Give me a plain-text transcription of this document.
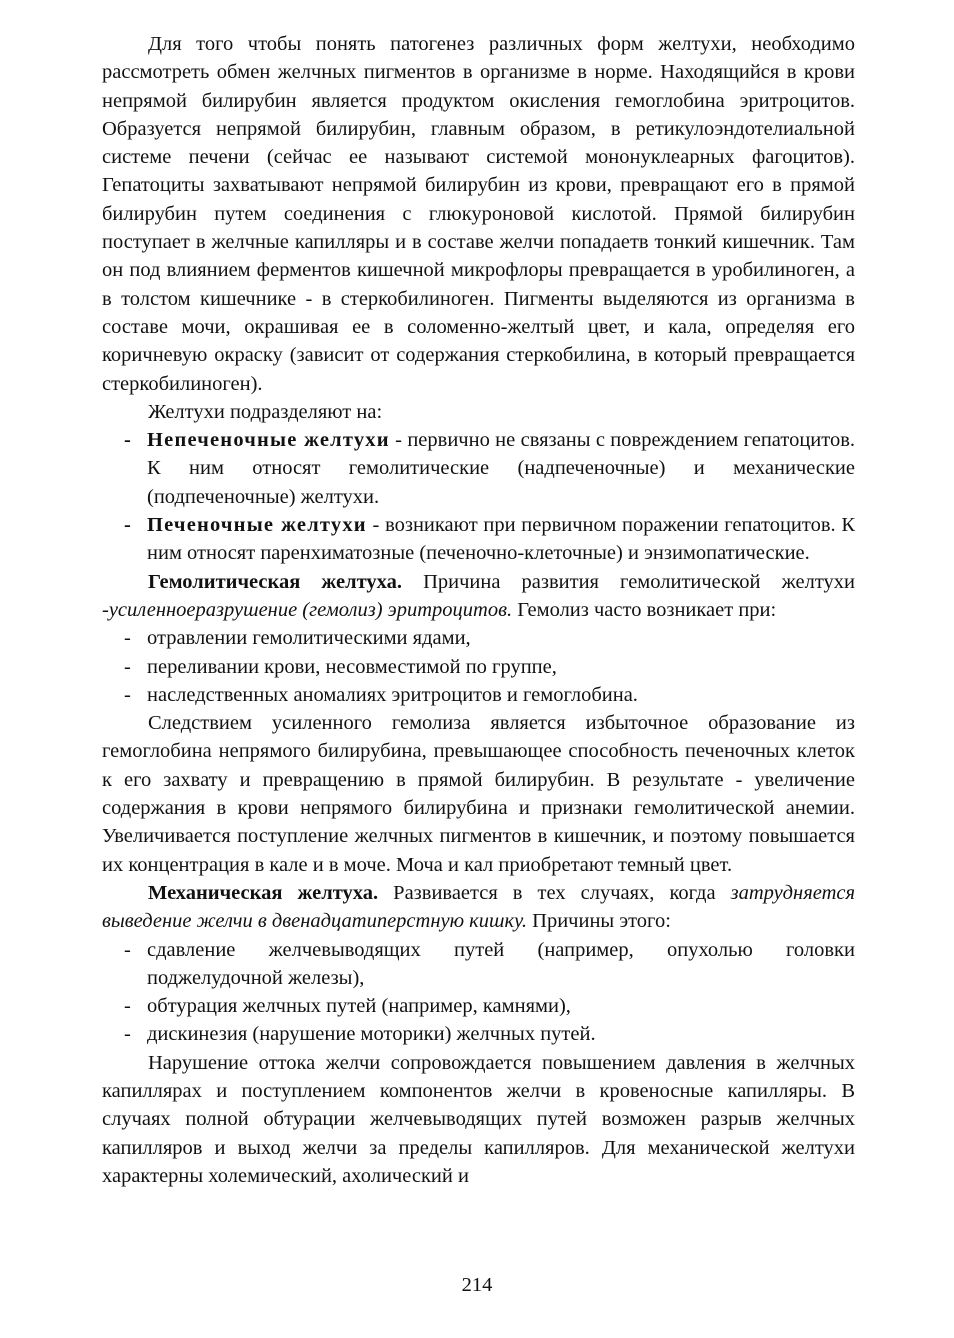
Для того чтобы понять патогенез различных форм желтухи, необходимо рассмотреть обмен желчных пигментов в организме в норме. Находящийся в крови непрямой билирубин является продуктом окисления гемоглобина эритроцитов. Образуется непрямой билирубин, главным образом, в ретикулоэндотелиальной системе печени (сейчас ее называют системой мононуклеарных фагоцитов). Гепатоциты захватывают непрямой билирубин из крови, превращают его в прямой билирубин путем соединения с глюкуроновой кислотой. Прямой билирубин поступает в желчные капилляры и в составе желчи попадаетв тонкий кишечник. Там он под влиянием ферментов кишечной микрофлоры превращается в уробилиноген, а в толстом кишечнике - в стеркобилиноген. Пигменты выделяются из организма в составе мочи, окрашивая ее в соломенно-желтый цвет, и кала, определяя его коричневую окраску (зависит от содержания стеркобилина, в который превращается стеркобилиноген).

Желтухи подразделяют на:

- Непеченочные желтухи - первично не связаны с повреждением гепатоцитов. К ним относят гемолитические (надпеченочные) и механические (подпеченочные) желтухи.
- Печеночные желтухи - возникают при первичном поражении гепатоцитов. К ним относят паренхиматозные (печеночно-клеточные) и энзимопатические.

Гемолитическая желтуха. Причина развития гемолитической желтухи -усиленноеразрушение (гемолиз) эритроцитов. Гемолиз часто возникает при:

- отравлении гемолитическими ядами,
- переливании крови, несовместимой по группе,
- наследственных аномалиях эритроцитов и гемоглобина.

Следствием усиленного гемолиза является избыточное образование из гемоглобина непрямого билирубина, превышающее способность печеночных клеток к его захвату и превращению в прямой билирубин. В результате - увеличение содержания в крови непрямого билирубина и признаки гемолитической анемии. Увеличивается поступление желчных пигментов в кишечник, и поэтому повышается их концентрация в кале и в моче. Моча и кал приобретают темный цвет.

Механическая желтуха. Развивается в тех случаях, когда затрудняется выведение желчи в двенадцатиперстную кишку. Причины этого:

- сдавление желчевыводящих путей (например, опухолью головки поджелудочной железы),
- обтурация желчных путей (например, камнями),
- дискинезия (нарушение моторики) желчных путей.

Нарушение оттока желчи сопровождается повышением давления в желчных капиллярах и поступлением компонентов желчи в кровеносные капилляры. В случаях полной обтурации желчевыводящих путей возможен разрыв желчных капилляров и выход желчи за пределы капилляров. Для механической желтухи характерны холемический, ахолический и

214
